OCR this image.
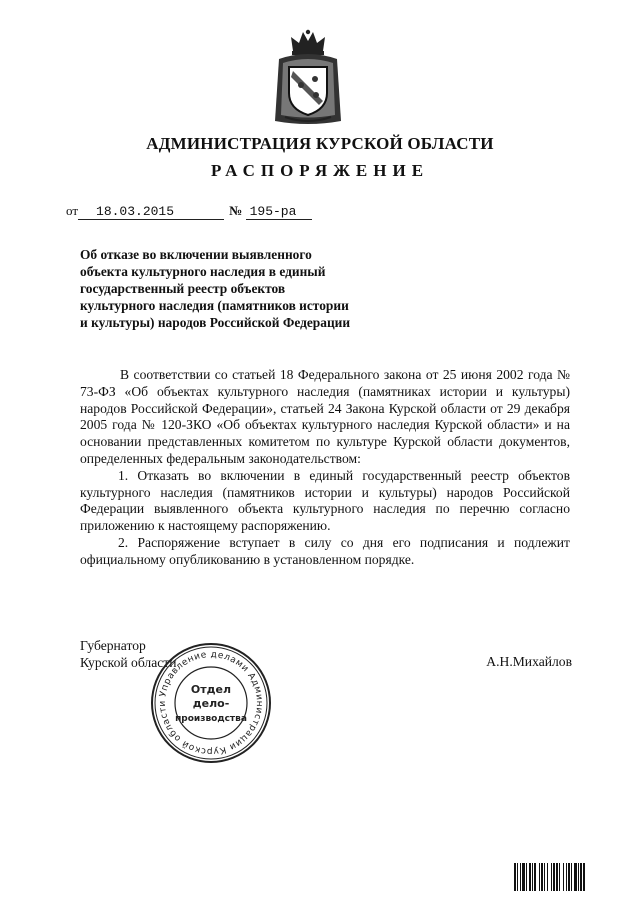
АДМИНИСТРАЦИЯ КУРСКОЙ ОБЛАСТИ
РАСПОРЯЖЕНИЕ
от 18.03.2015	№ 195-ра
Об отказе во включении выявленного
объекта культурного наследия в единый
государственный реестр объектов
культурного наследия (памятников истории
и культуры) народов Российской Федерации

В соответствии со статьей 18 Федерального закона от 25 июня 2002 года № 73-ФЗ «Об объектах культурного наследия (памятниках истории и культуры) народов Российской Федерации», статьей 24 Закона Курской области от 29 декабря 2005 года № 120-ЗКО «Об объектах культурного наследия Курской области» и на основании представленных комитетом по культуре Курской области документов, определенных федеральным законодательством:

1. Отказать во включении в единый государственный реестр объектов культурного наследия (памятников истории и культуры) народов Российской Федерации выявленного объекта культурного наследия по перечню согласно приложению к настоящему распоряжению.

2. Распоряжение вступает в силу со дня его подписания и подлежит официальному опубликованию в установленном порядке.

Губернатор
Курской области	А.Н.Михайлов
Управление делами Администрации Курской области
Отдел
дело-
производства
